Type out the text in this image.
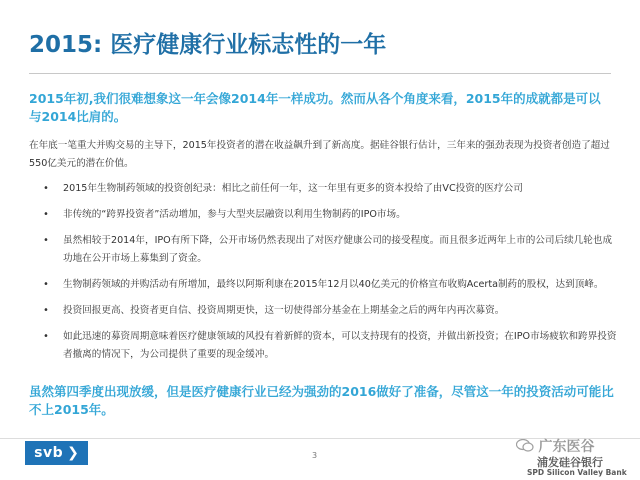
2015: 医疗健康行业标志性的一年

2015年初,我们很难想象这一年会像2014年一样成功。然而从各个角度来看，2015年的成就都是可以与2014比肩的。

在年底一笔重大并购交易的主导下，2015年投资者的潜在收益飙升到了新高度。据硅谷银行估计，三年来的强劲表现为投资者创造了超过550亿美元的潜在价值。

• 2015年生物制药领域的投资创纪录：相比之前任何一年，这一年里有更多的资本投给了由VC投资的医疗公司
• 非传统的“跨界投资者”活动增加，参与大型夹层融资以利用生物制药的IPO市场。
• 虽然相较于2014年，IPO有所下降，公开市场仍然表现出了对医疗健康公司的接受程度。而且很多近两年上市的公司后续几轮也成功地在公开市场上募集到了资金。
• 生物制药领域的并购活动有所增加，最终以阿斯利康在2015年12月以40亿美元的价格宣布收购Acerta制药的股权，达到顶峰。
• 投资回报更高、投资者更自信、投资周期更快，这一切使得部分基金在上期基金之后的两年内再次募资。
• 如此迅速的募资周期意味着医疗健康领域的风投有着新鲜的资本，可以支持现有的投资，并做出新投资；在IPO市场疲软和跨界投资者撤离的情况下，为公司提供了重要的现金缓冲。

虽然第四季度出现放缓，但是医疗健康行业已经为强劲的2016做好了准备，尽管这一年的投资活动可能比不上2015年。

svb ❯	3
广东医谷
浦发硅谷银行
SPD Silicon Valley Bank
